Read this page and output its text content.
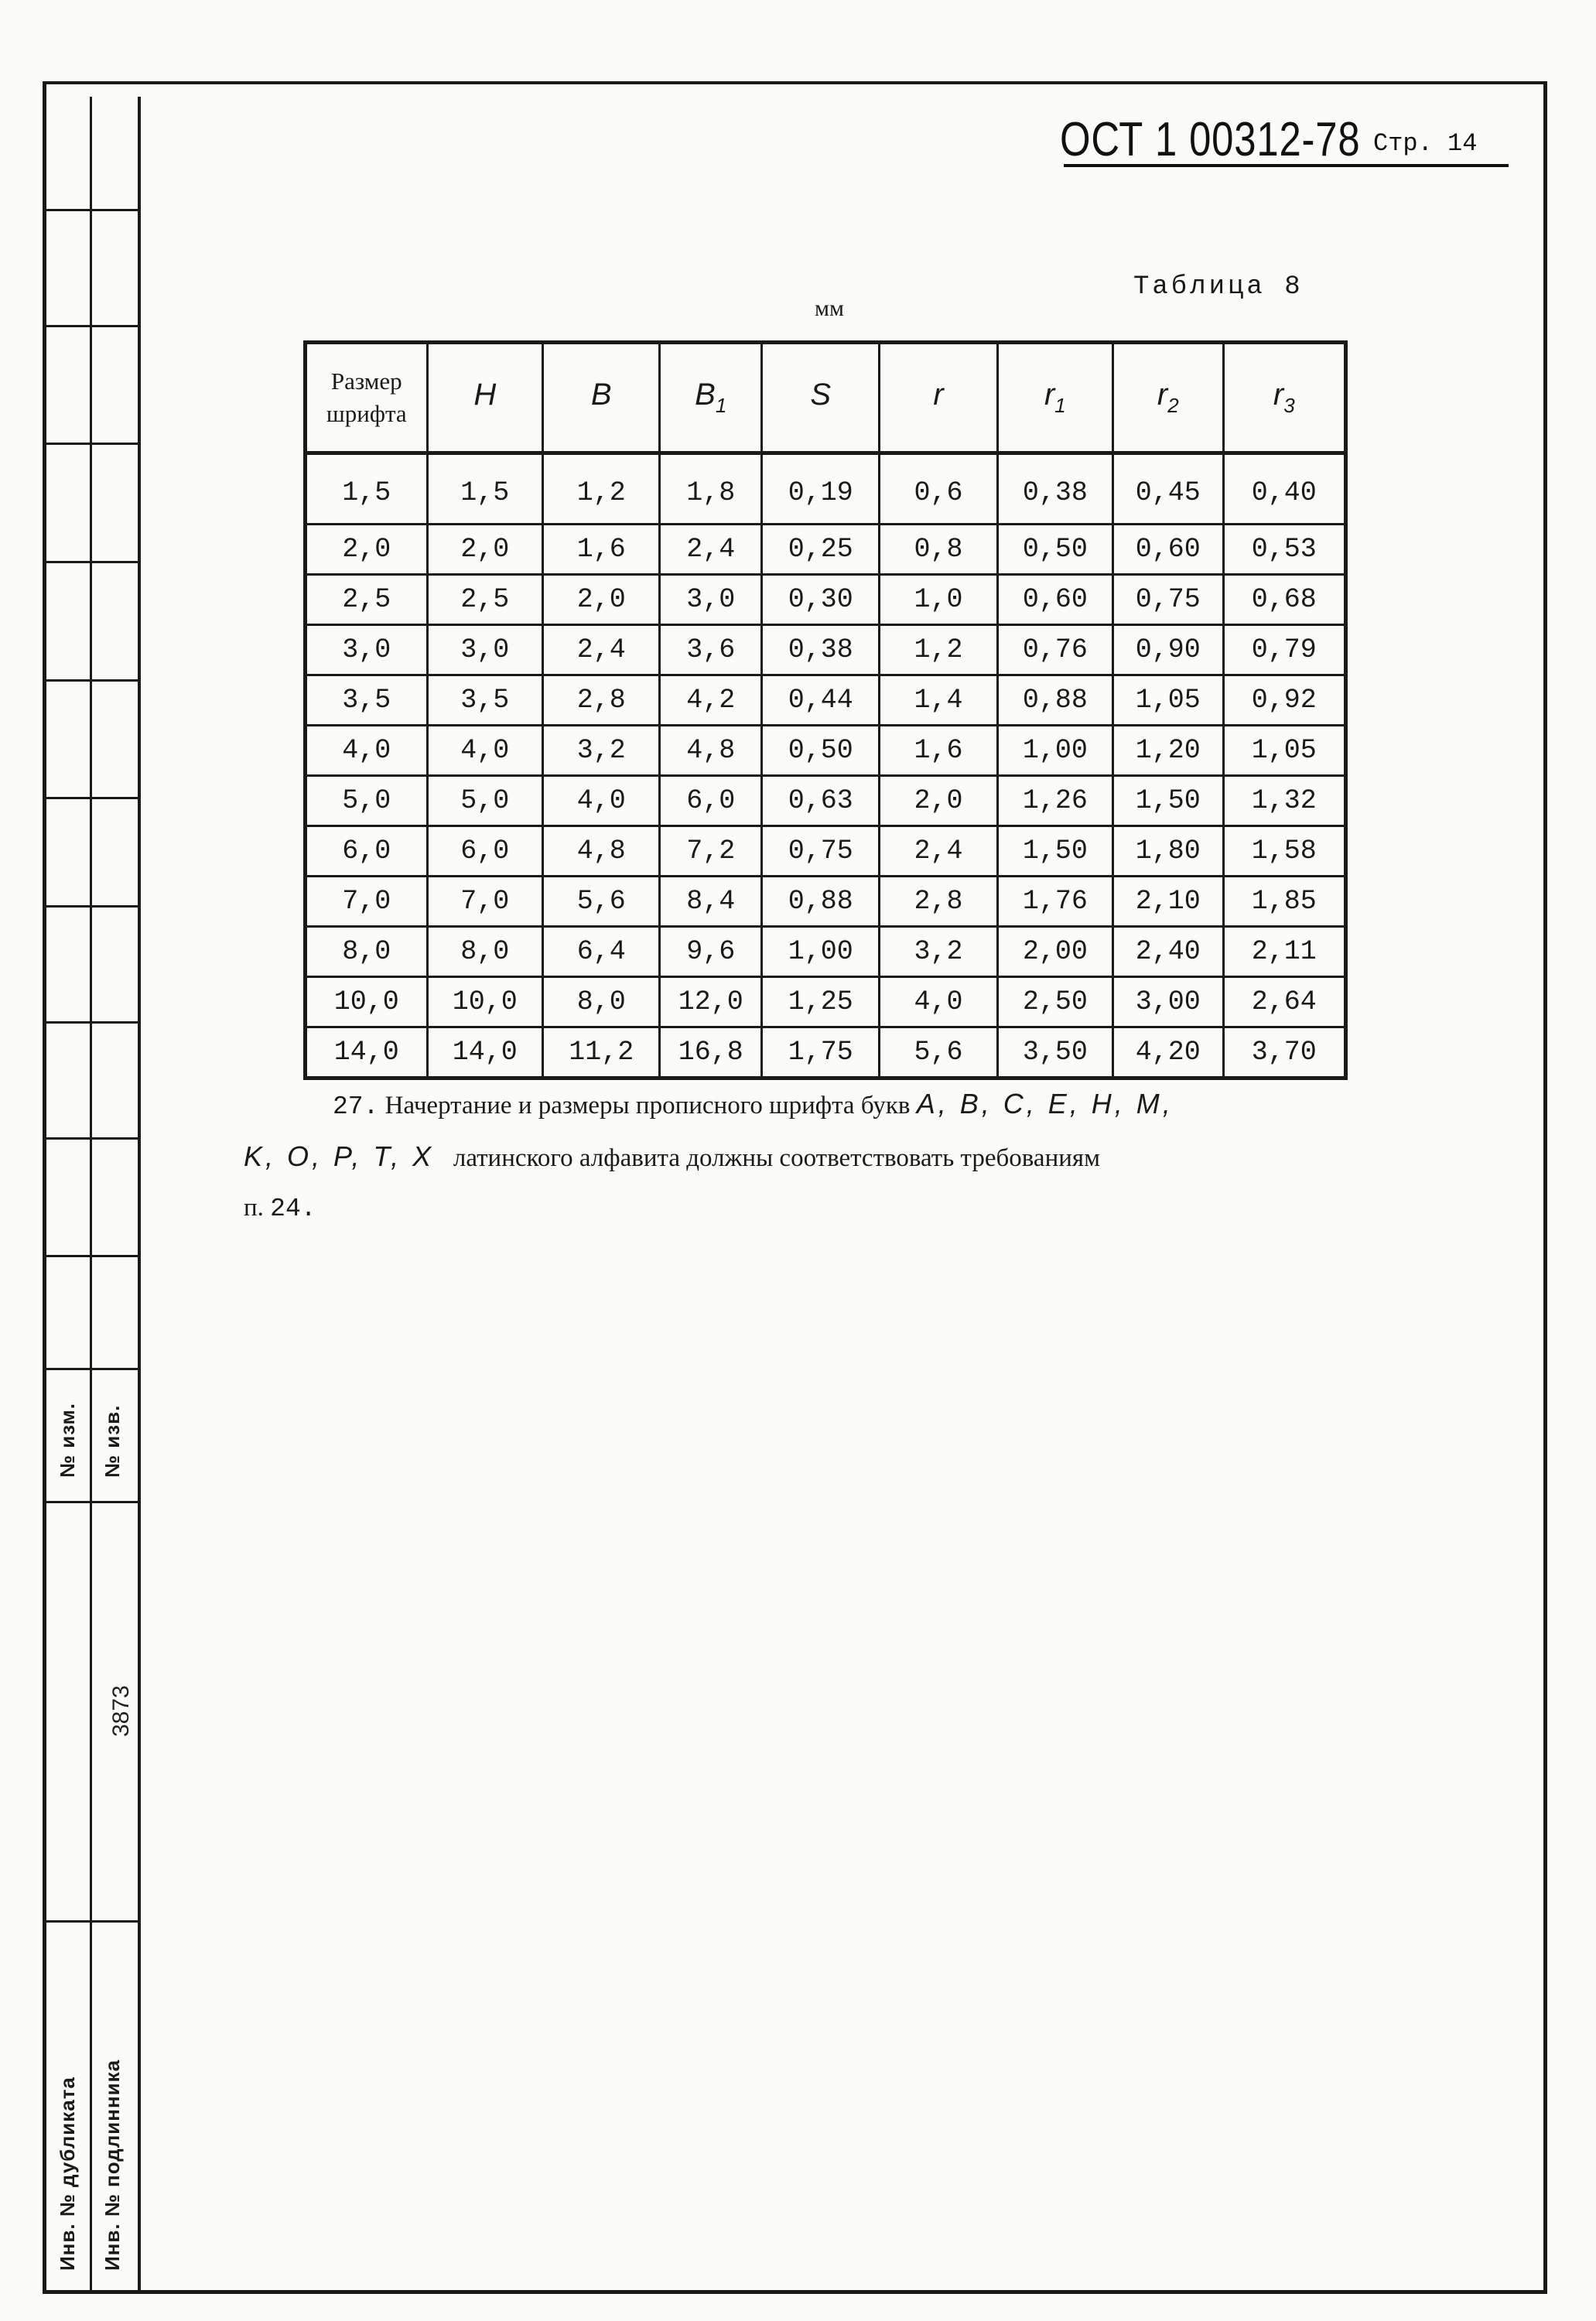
№ изм. № изв.
3873
Инв. № дубликата Инв. № подлинника
ОСТ 1 00312-78 Стр. 14
Таблица 8
мм
Размер
шрифта	H	B	$B_1$	S	r	$r_1$	$r_2$	$r_3$
1,5	1,5	1,2	1,8	0,19	0,6	0,38	0,45	0,40
2,0	2,0	1,6	2,4	0,25	0,8	0,50	0,60	0,53
2,5	2,5	2,0	3,0	0,30	1,0	0,60	0,75	0,68
3,0	3,0	2,4	3,6	0,38	1,2	0,76	0,90	0,79
3,5	3,5	2,8	4,2	0,44	1,4	0,88	1,05	0,92
4,0	4,0	3,2	4,8	0,50	1,6	1,00	1,20	1,05
5,0	5,0	4,0	6,0	0,63	2,0	1,26	1,50	1,32
6,0	6,0	4,8	7,2	0,75	2,4	1,50	1,80	1,58
7,0	7,0	5,6	8,4	0,88	2,8	1,76	2,10	1,85
8,0	8,0	6,4	9,6	1,00	3,2	2,00	2,40	2,11
10,0	10,0	8,0	12,0	1,25	4,0	2,50	3,00	2,64
14,0	14,0	11,2	16,8	1,75	5,6	3,50	4,20	3,70
27. Начертание и размеры прописного шрифта букв A, B, C, E, H, M,
K, O, P, T, X латинского алфавита должны соответствовать требованиям
п. 24.
